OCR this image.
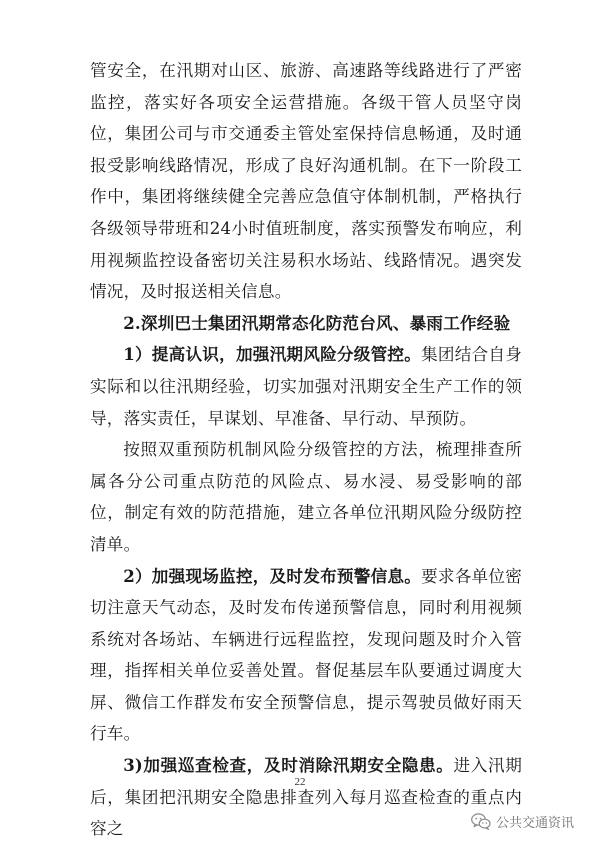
管安全，在汛期对山区、旅游、高速路等线路进行了严密监控，落实好各项安全运营措施。各级干管人员坚守岗位，集团公司与市交通委主管处室保持信息畅通，及时通报受影响线路情况，形成了良好沟通机制。在下一阶段工作中，集团将继续健全完善应急值守体制机制，严格执行各级领导带班和24小时值班制度，落实预警发布响应，利用视频监控设备密切关注易积水场站、线路情况。遇突发情况，及时报送相关信息。

2.深圳巴士集团汛期常态化防范台风、暴雨工作经验

1）提高认识，加强汛期风险分级管控。集团结合自身实际和以往汛期经验，切实加强对汛期安全生产工作的领导，落实责任，早谋划、早准备、早行动、早预防。

按照双重预防机制风险分级管控的方法，梳理排查所属各分公司重点防范的风险点、易水浸、易受影响的部位，制定有效的防范措施，建立各单位汛期风险分级防控清单。

2）加强现场监控，及时发布预警信息。要求各单位密切注意天气动态，及时发布传递预警信息，同时利用视频系统对各场站、车辆进行远程监控，发现问题及时介入管理，指挥相关单位妥善处置。督促基层车队要通过调度大屏、微信工作群发布安全预警信息，提示驾驶员做好雨天行车。

3)加强巡查检查，及时消除汛期安全隐患。进入汛期后，集团把汛期安全隐患排查列入每月巡查检查的重点内容之

22
公共交通资讯
